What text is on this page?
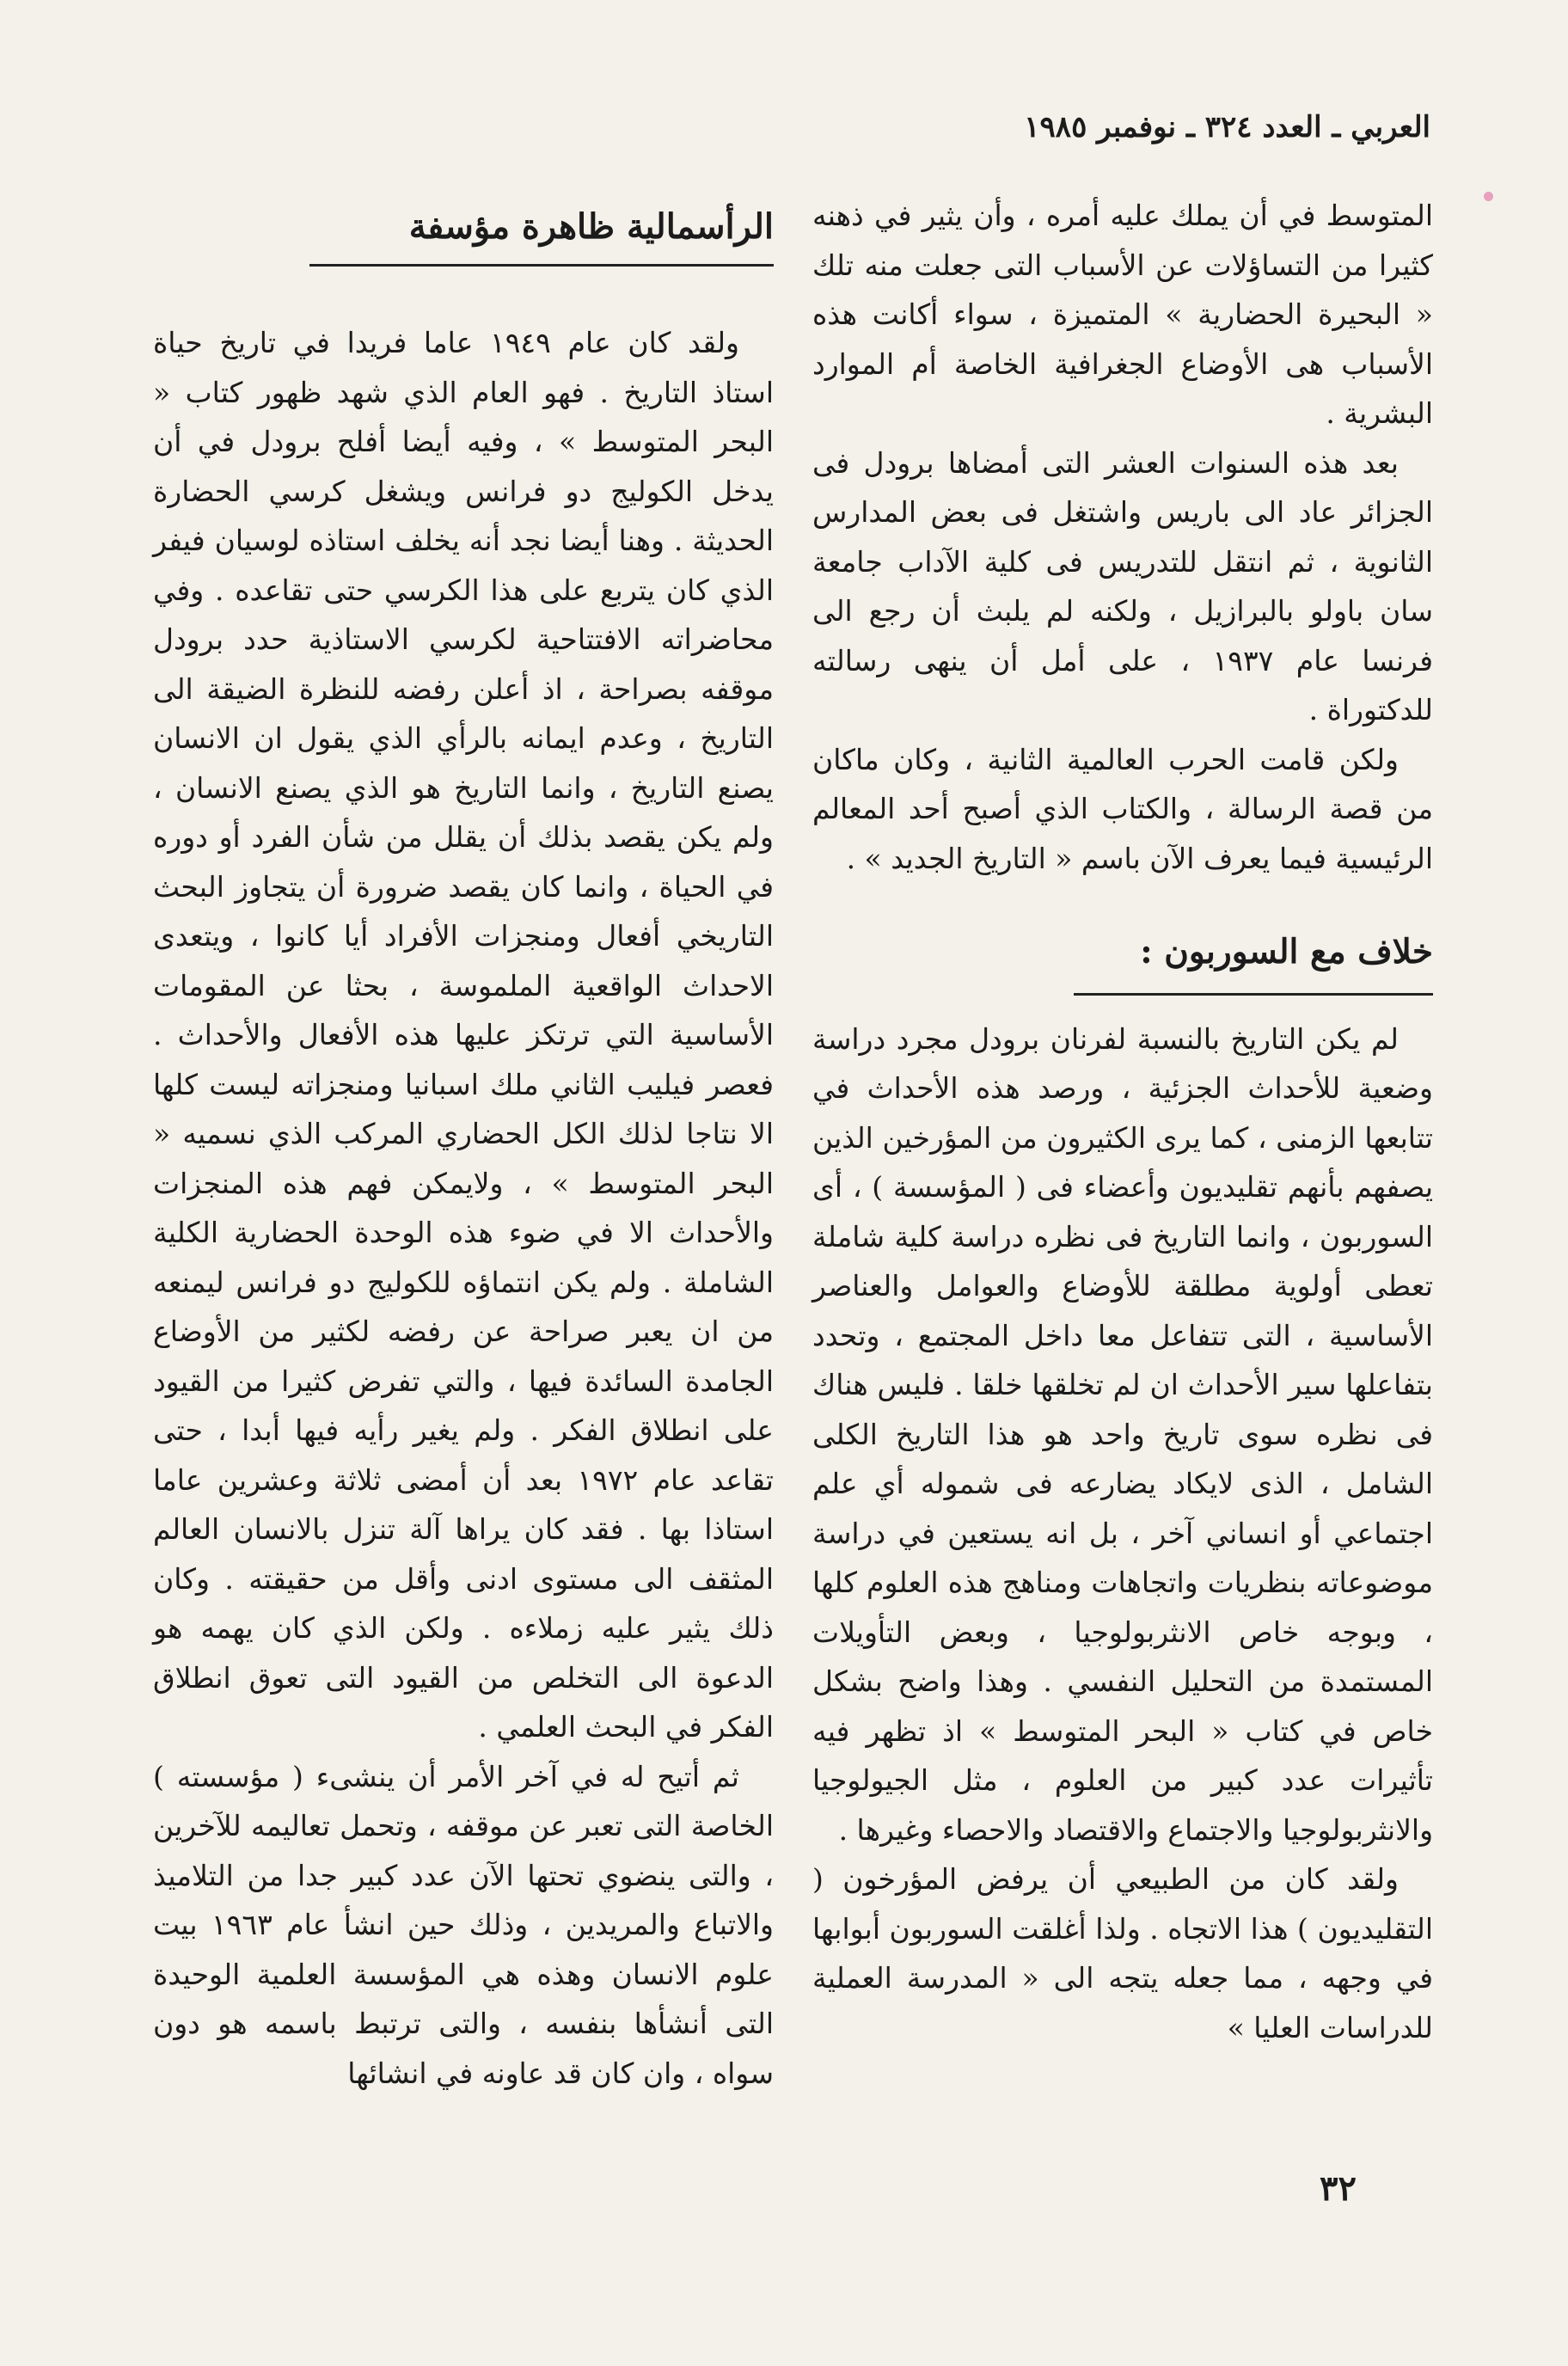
العربي ـ العدد ٣٢٤ ـ نوفمبر ١٩٨٥

المتوسط في أن يملك عليه أمره ، وأن يثير في ذهنه كثيرا من التساؤلات عن الأسباب التى جعلت منه تلك « البحيرة الحضارية » المتميزة ، سواء أكانت هذه الأسباب هى الأوضاع الجغرافية الخاصة أم الموارد البشرية .

بعد هذه السنوات العشر التى أمضاها برودل فى الجزائر عاد الى باريس واشتغل فى بعض المدارس الثانوية ، ثم انتقل للتدريس فى كلية الآداب جامعة سان باولو بالبرازيل ، ولكنه لم يلبث أن رجع الى فرنسا عام ١٩٣٧ ، على أمل أن ينهى رسالته للدكتوراة .

ولكن قامت الحرب العالمية الثانية ، وكان ماكان من قصة الرسالة ، والكتاب الذي أصبح أحد المعالم الرئيسية فيما يعرف الآن باسم « التاريخ الجديد » .

خلاف مع السوربون :

لم يكن التاريخ بالنسبة لفرنان برودل مجرد دراسة وضعية للأحداث الجزئية ، ورصد هذه الأحداث في تتابعها الزمنى ، كما يرى الكثيرون من المؤرخين الذين يصفهم بأنهم تقليديون وأعضاء فى ( المؤسسة ) ، أى السوربون ، وانما التاريخ فى نظره دراسة كلية شاملة تعطى أولوية مطلقة للأوضاع والعوامل والعناصر الأساسية ، التى تتفاعل معا داخل المجتمع ، وتحدد بتفاعلها سير الأحداث ان لم تخلقها خلقا . فليس هناك فى نظره سوى تاريخ واحد هو هذا التاريخ الكلى الشامل ، الذى لايكاد يضارعه فى شموله أي علم اجتماعي أو انساني آخر ، بل انه يستعين في دراسة موضوعاته بنظريات واتجاهات ومناهج هذه العلوم كلها ، وبوجه خاص الانثربولوجيا ، وبعض التأويلات المستمدة من التحليل النفسي . وهذا واضح بشكل خاص في كتاب « البحر المتوسط » اذ تظهر فيه تأثيرات عدد كبير من العلوم ، مثل الجيولوجيا والانثربولوجيا والاجتماع والاقتصاد والاحصاء وغيرها .

ولقد كان من الطبيعي أن يرفض المؤرخون ( التقليديون ) هذا الاتجاه . ولذا أغلقت السوربون أبوابها في وجهه ، مما جعله يتجه الى « المدرسة العملية للدراسات العليا »

الرأسمالية ظاهرة مؤسفة

ولقد كان عام ١٩٤٩ عاما فريدا في تاريخ حياة استاذ التاريخ . فهو العام الذي شهد ظهور كتاب « البحر المتوسط » ، وفيه أيضا أفلح برودل في أن يدخل الكوليج دو فرانس ويشغل كرسي الحضارة الحديثة . وهنا أيضا نجد أنه يخلف استاذه لوسيان فيفر الذي كان يتربع على هذا الكرسي حتى تقاعده . وفي محاضراته الافتتاحية لكرسي الاستاذية حدد برودل موقفه بصراحة ، اذ أعلن رفضه للنظرة الضيقة الى التاريخ ، وعدم ايمانه بالرأي الذي يقول ان الانسان يصنع التاريخ ، وانما التاريخ هو الذي يصنع الانسان ، ولم يكن يقصد بذلك أن يقلل من شأن الفرد أو دوره في الحياة ، وانما كان يقصد ضرورة أن يتجاوز البحث التاريخي أفعال ومنجزات الأفراد أيا كانوا ، ويتعدى الاحداث الواقعية الملموسة ، بحثا عن المقومات الأساسية التي ترتكز عليها هذه الأفعال والأحداث . فعصر فيليب الثاني ملك اسبانيا ومنجزاته ليست كلها الا نتاجا لذلك الكل الحضاري المركب الذي نسميه « البحر المتوسط » ، ولايمكن فهم هذه المنجزات والأحداث الا في ضوء هذه الوحدة الحضارية الكلية الشاملة . ولم يكن انتماؤه للكوليج دو فرانس ليمنعه من ان يعبر صراحة عن رفضه لكثير من الأوضاع الجامدة السائدة فيها ، والتي تفرض كثيرا من القيود على انطلاق الفكر . ولم يغير رأيه فيها أبدا ، حتى تقاعد عام ١٩٧٢ بعد أن أمضى ثلاثة وعشرين عاما استاذا بها . فقد كان يراها آلة تنزل بالانسان العالم المثقف الى مستوى ادنى وأقل من حقيقته . وكان ذلك يثير عليه زملاءه . ولكن الذي كان يهمه هو الدعوة الى التخلص من القيود التى تعوق انطلاق الفكر في البحث العلمي .

ثم أتيح له في آخر الأمر أن ينشىء ( مؤسسته ) الخاصة التى تعبر عن موقفه ، وتحمل تعاليمه للآخرين ، والتى ينضوي تحتها الآن عدد كبير جدا من التلاميذ والاتباع والمريدين ، وذلك حين انشأ عام ١٩٦٣ بيت علوم الانسان وهذه هي المؤسسة العلمية الوحيدة التى أنشأها بنفسه ، والتى ترتبط باسمه هو دون سواه ، وان كان قد عاونه في انشائها

٣٢
